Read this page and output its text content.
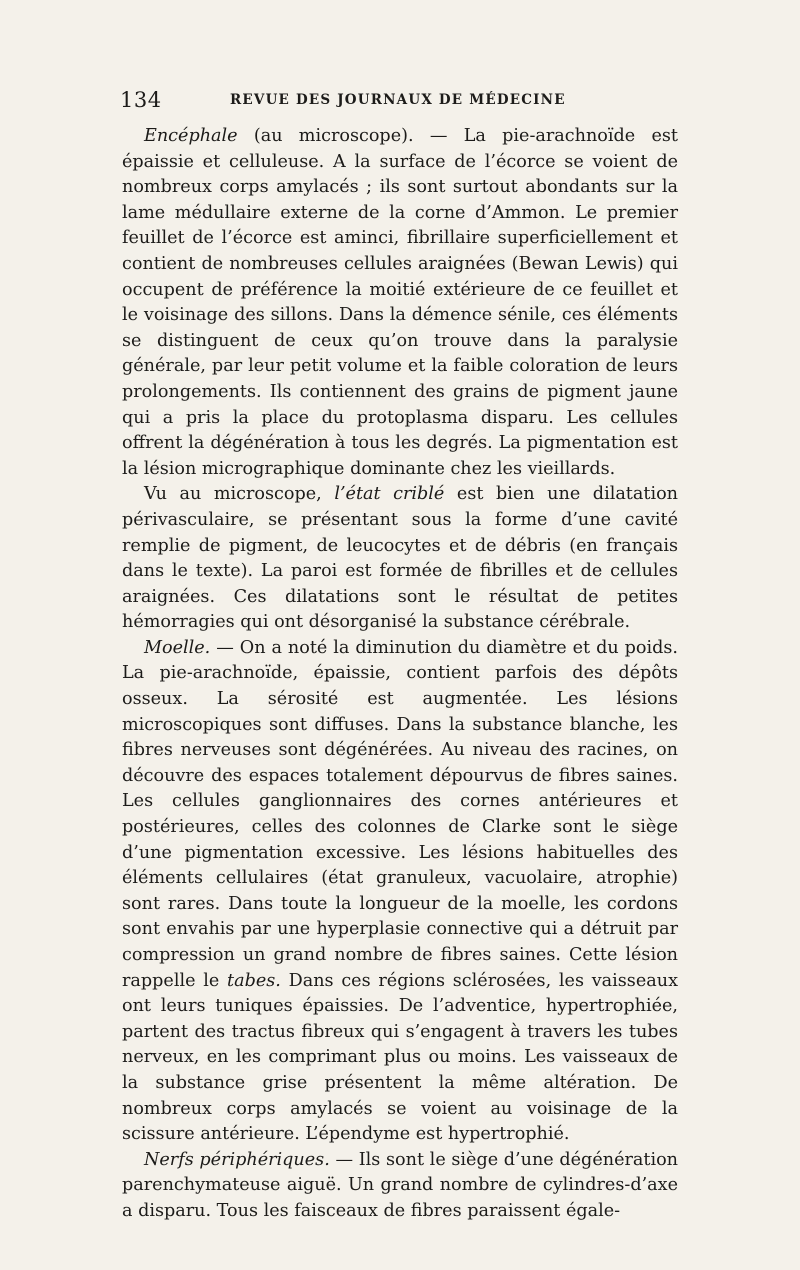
134	REVUE DES JOURNAUX DE MÉDECINE

Encéphale (au microscope). — La pie-arachnoïde est épaissie et celluleuse. A la surface de l’écorce se voient de nombreux corps amylacés ; ils sont surtout abondants sur la lame médullaire externe de la corne d’Ammon. Le premier feuillet de l’écorce est aminci, fibrillaire superficiellement et contient de nombreuses cellules araignées (Bewan Lewis) qui occupent de préférence la moitié extérieure de ce feuillet et le voisinage des sillons. Dans la démence sénile, ces éléments se distinguent de ceux qu’on trouve dans la paralysie générale, par leur petit volume et la faible coloration de leurs prolongements. Ils contiennent des grains de pigment jaune qui a pris la place du protoplasma disparu. Les cellules offrent la dégénération à tous les degrés. La pigmentation est la lésion micrographique dominante chez les vieillards.

Vu au microscope, l’état criblé est bien une dilatation périvasculaire, se présentant sous la forme d’une cavité remplie de pigment, de leucocytes et de débris (en français dans le texte). La paroi est formée de fibrilles et de cellules araignées. Ces dilatations sont le résultat de petites hémorragies qui ont désorganisé la substance cérébrale.

Moelle. — On a noté la diminution du diamètre et du poids. La pie-arachnoïde, épaissie, contient parfois des dépôts osseux. La sérosité est augmentée. Les lésions microscopiques sont diffuses. Dans la substance blanche, les fibres nerveuses sont dégénérées. Au niveau des racines, on découvre des espaces totalement dépourvus de fibres saines. Les cellules ganglionnaires des cornes antérieures et postérieures, celles des colonnes de Clarke sont le siège d’une pigmentation excessive. Les lésions habituelles des éléments cellulaires (état granuleux, vacuolaire, atrophie) sont rares. Dans toute la longueur de la moelle, les cordons sont envahis par une hyperplasie connective qui a détruit par compression un grand nombre de fibres saines. Cette lésion rappelle le tabes. Dans ces régions sclérosées, les vaisseaux ont leurs tuniques épaissies. De l’adventice, hypertrophiée, partent des tractus fibreux qui s’engagent à travers les tubes nerveux, en les comprimant plus ou moins. Les vaisseaux de la substance grise présentent la même altération. De nombreux corps amylacés se voient au voisinage de la scissure antérieure. L’épendyme est hypertrophié.

Nerfs périphériques. — Ils sont le siège d’une dégénération parenchymateuse aiguë. Un grand nombre de cylindres-d’axe a disparu. Tous les faisceaux de fibres paraissent égale-
